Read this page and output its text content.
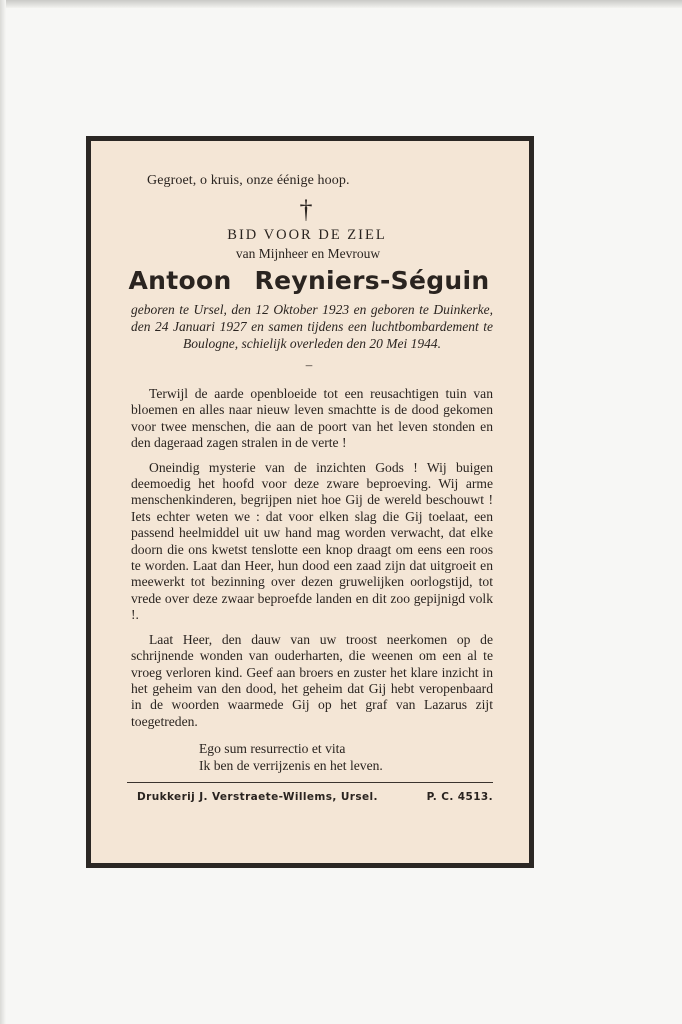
Gegroet, o kruis, onze éénige hoop.
†
BID VOOR DE ZIEL
van Mijnheer en Mevrouw
Antoon Reyniers-Séguin
geboren te Ursel, den 12 Oktober 1923 en geboren te Duinkerke, den 24 Januari 1927 en samen tijdens een luchtbombardement te Boulogne, schielijk overleden den 20 Mei 1944.
–

Terwijl de aarde openbloeide tot een reusachtigen tuin van bloemen en alles naar nieuw leven smachtte is de dood gekomen voor twee menschen, die aan de poort van het leven stonden en den dageraad zagen stralen in de verte !

Oneindig mysterie van de inzichten Gods ! Wij buigen deemoedig het hoofd voor deze zware beproeving. Wij arme menschenkinderen, begrijpen niet hoe Gij de wereld beschouwt ! Iets echter weten we : dat voor elken slag die Gij toelaat, een passend heelmiddel uit uw hand mag worden verwacht, dat elke doorn die ons kwetst tenslotte een knop draagt om eens een roos te worden. Laat dan Heer, hun dood een zaad zijn dat uitgroeit en meewerkt tot bezinning over dezen gruwelijken oorlogstijd, tot vrede over deze zwaar beproefde landen en dit zoo gepijnigd volk !.

Laat Heer, den dauw van uw troost neerkomen op de schrijnende wonden van ouderharten, die weenen om een al te vroeg verloren kind. Geef aan broers en zuster het klare inzicht in het geheim van den dood, het geheim dat Gij hebt veropenbaard in de woorden waarmede Gij op het graf van Lazarus zijt toegetreden.

Ego sum resurrectio et vita
Ik ben de verrijzenis en het leven.
Drukkerij J. Verstraete-Willems, Ursel.	P. C. 4513.
